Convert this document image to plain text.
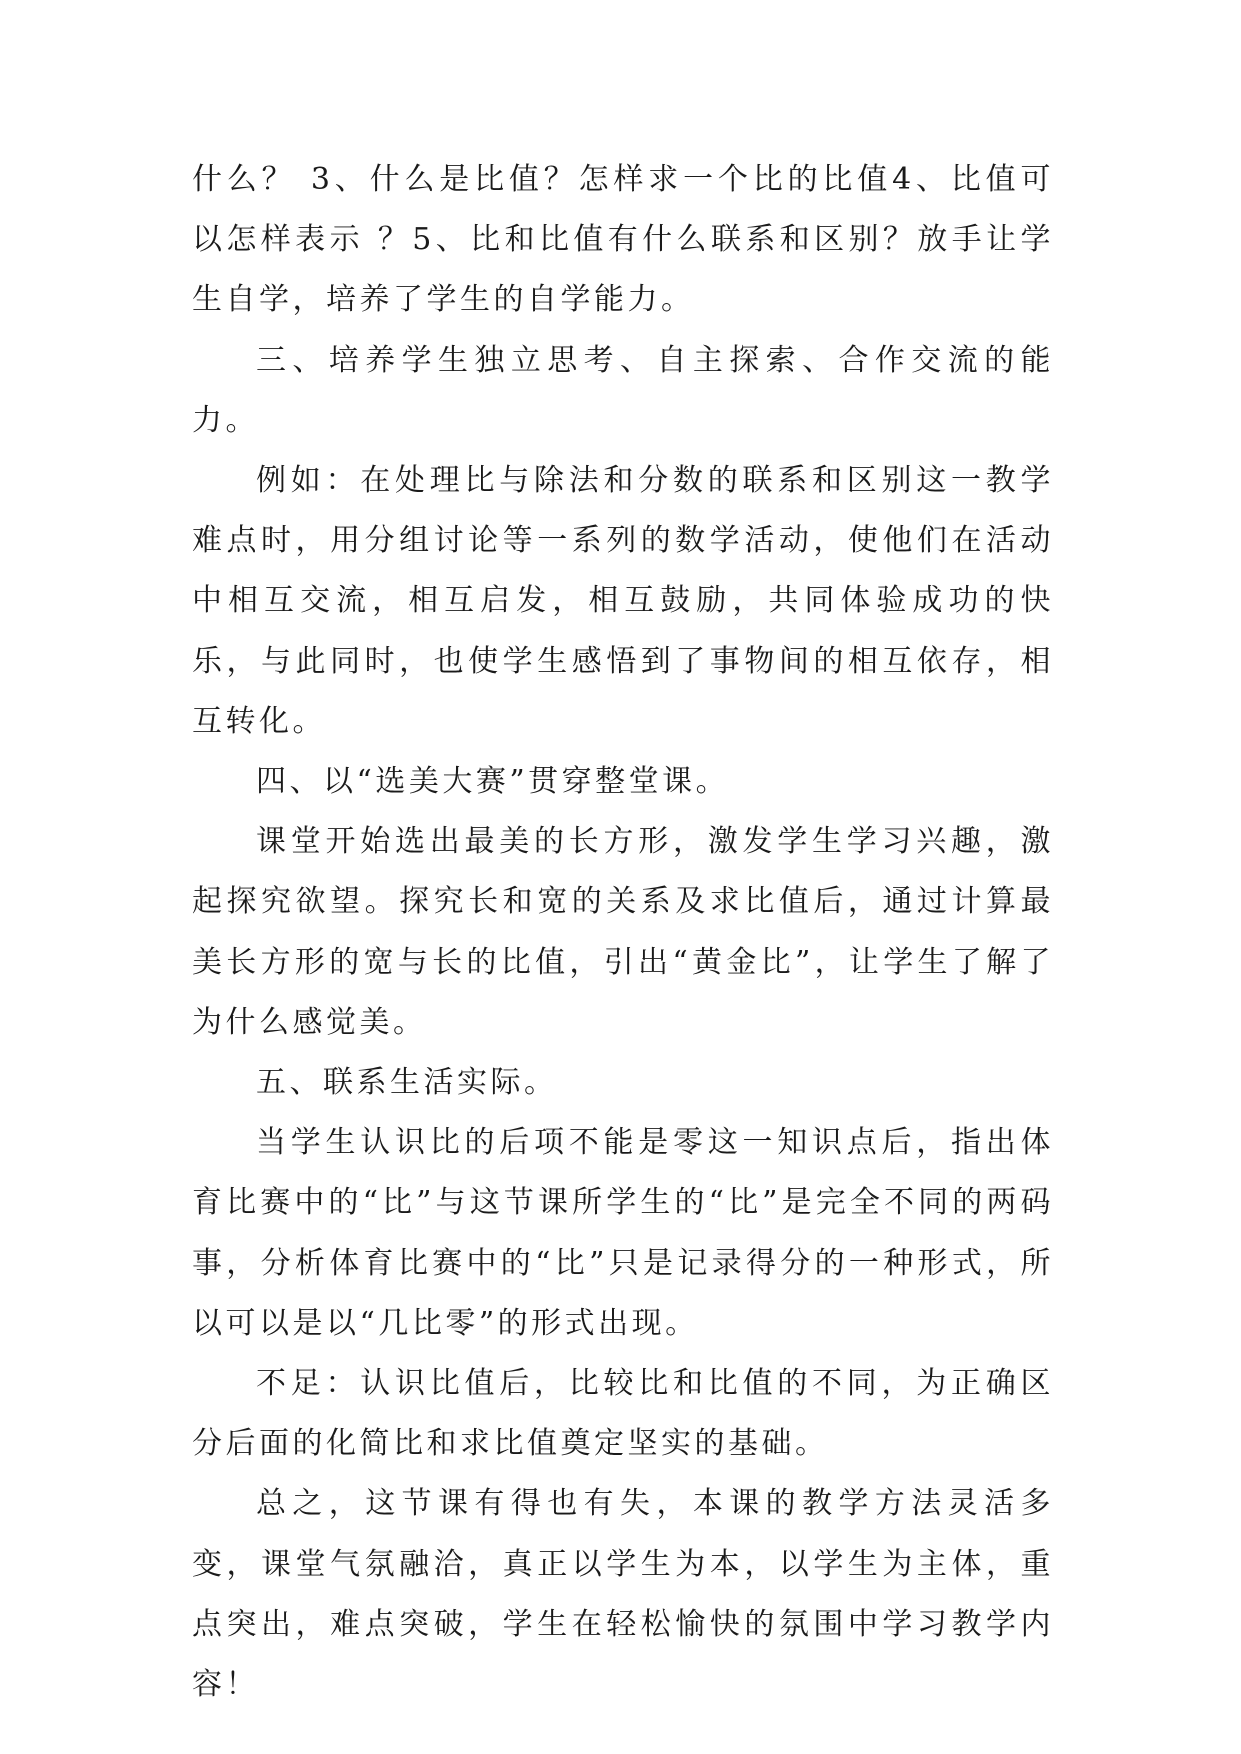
什么？ 3、什么是比值？怎样求一个比的比值4、比值可以怎样表示 ？5、比和比值有什么联系和区别？放手让学生自学，培养了学生的自学能力。

三、培养学生独立思考、自主探索、合作交流的能力。

例如：在处理比与除法和分数的联系和区别这一教学难点时，用分组讨论等一系列的数学活动，使他们在活动中相互交流，相互启发，相互鼓励，共同体验成功的快乐，与此同时，也使学生感悟到了事物间的相互依存，相互转化。

四、以“选美大赛”贯穿整堂课。

课堂开始选出最美的长方形，激发学生学习兴趣，激起探究欲望。探究长和宽的关系及求比值后，通过计算最美长方形的宽与长的比值，引出“黄金比”，让学生了解了为什么感觉美。

五、联系生活实际。

当学生认识比的后项不能是零这一知识点后，指出体育比赛中的“比”与这节课所学生的“比”是完全不同的两码事，分析体育比赛中的“比”只是记录得分的一种形式，所以可以是以“几比零”的形式出现。

不足：认识比值后，比较比和比值的不同，为正确区分后面的化简比和求比值奠定坚实的基础。

总之，这节课有得也有失，本课的教学方法灵活多变，课堂气氛融洽，真正以学生为本，以学生为主体，重点突出，难点突破，学生在轻松愉快的氛围中学习教学内容！
